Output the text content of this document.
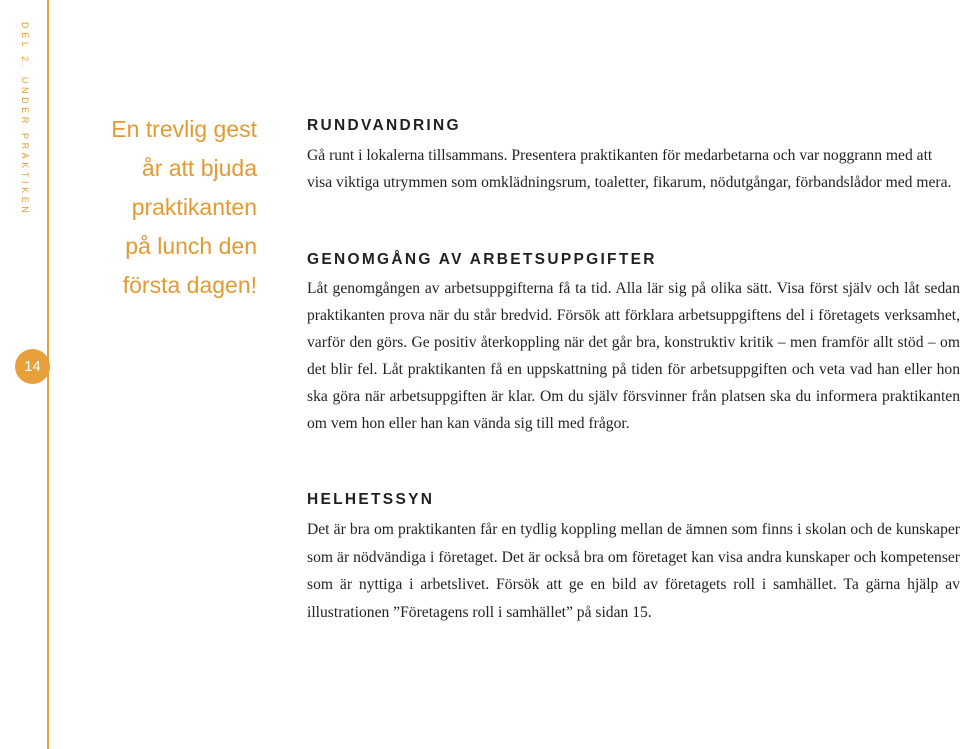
DEL 2. UNDER PRAKTIKEN
14
En trevlig gest
år att bjuda
praktikanten
på lunch den
första dagen!
RUNDVANDRING

Gå runt i lokalerna tillsammans. Presentera praktikanten för medarbetarna och var noggrann med att visa viktiga utrymmen som omklädningsrum, toaletter, fikarum, nödutgångar, förbandslådor med mera.

GENOMGÅNG AV ARBETSUPPGIFTER

Låt genomgången av arbetsuppgifterna få ta tid. Alla lär sig på olika sätt. Visa först själv och låt sedan praktikanten prova när du står bredvid. Försök att förklara arbetsuppgiftens del i företagets verksamhet, varför den görs. Ge positiv återkoppling när det går bra, konstruktiv kritik – men framför allt stöd – om det blir fel. Låt praktikanten få en uppskattning på tiden för arbetsuppgiften och veta vad han eller hon ska göra när arbetsuppgiften är klar. Om du själv försvinner från platsen ska du informera praktikanten om vem hon eller han kan vända sig till med frågor.

HELHETSSYN

Det är bra om praktikanten får en tydlig koppling mellan de ämnen som finns i skolan och de kunskaper som är nödvändiga i företaget. Det är också bra om företaget kan visa andra kunskaper och kompetenser som är nyttiga i arbetslivet. Försök att ge en bild av företagets roll i samhället. Ta gärna hjälp av illustrationen ”Företagens roll i samhället” på sidan 15.
